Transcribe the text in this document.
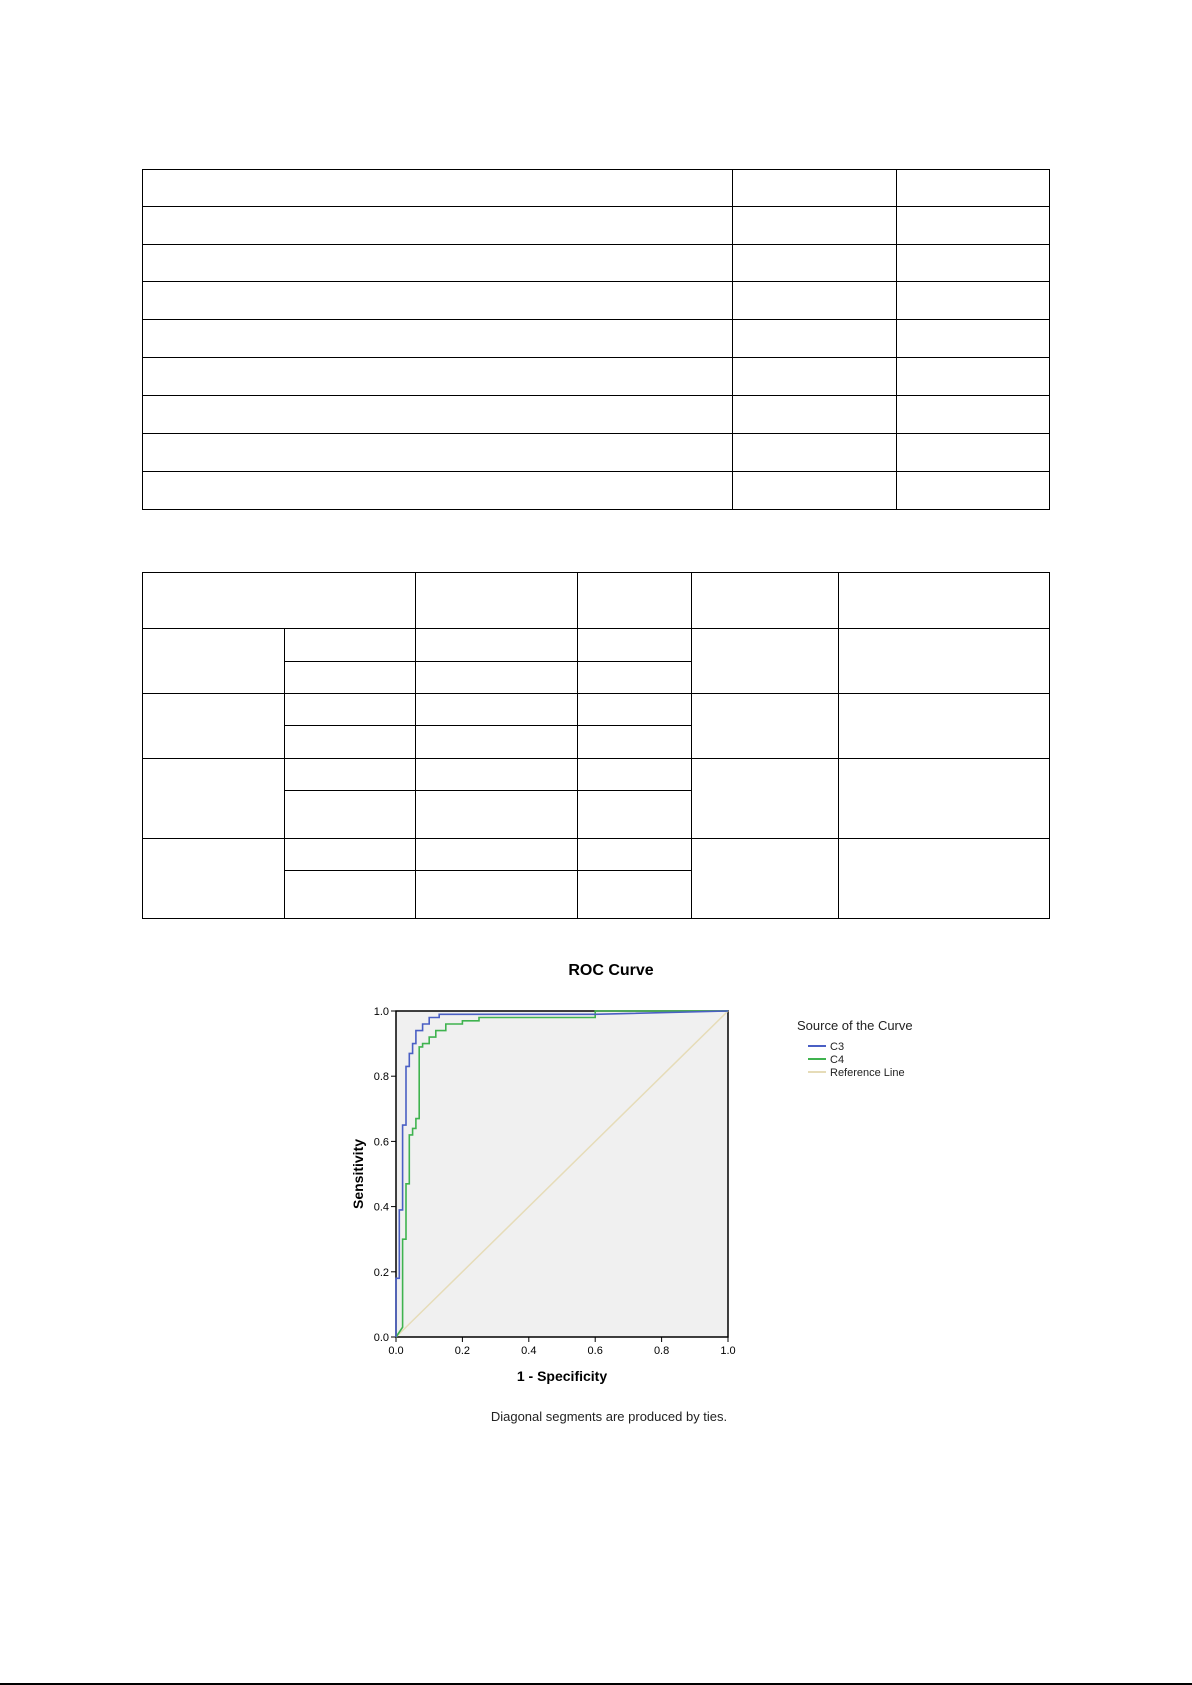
ROC Curve
0.0	0.2	0.4	0.6	0.8	1.0
0.0
0.2
0.4
0.6
0.8
1.0
1 - Specificity
Sensitivity
Source of the Curve
C3
C4
Reference Line
Diagonal segments are produced by ties.
